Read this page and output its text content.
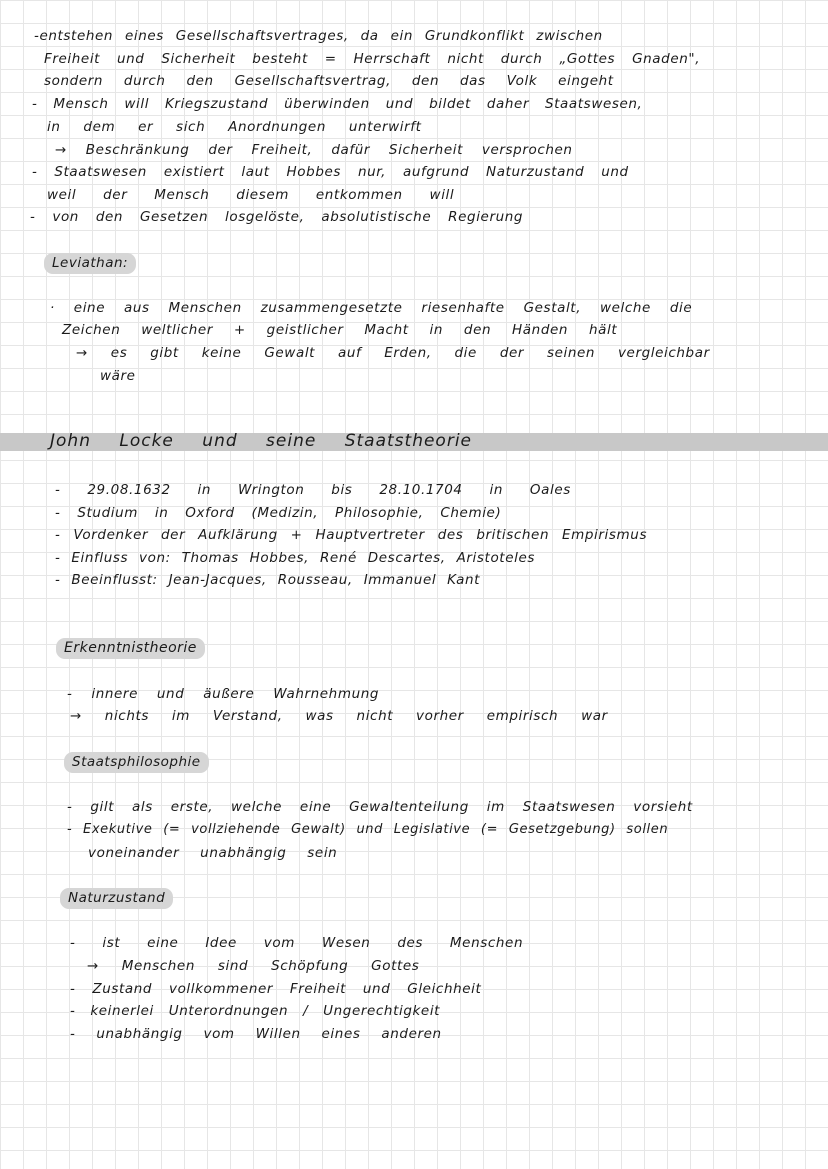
-entstehen eines Gesellschaftsvertrages, da ein Grundkonflikt zwischen
Freiheit und Sicherheit besteht = Herrschaft nicht durch „Gottes Gnaden",
sondern durch den Gesellschaftsvertrag, den das Volk eingeht
- Mensch will Kriegszustand überwinden und bildet daher Staatswesen,
in dem er sich Anordnungen unterwirft
→ Beschränkung der Freiheit, dafür Sicherheit versprochen
- Staatswesen existiert laut Hobbes nur, aufgrund Naturzustand und
weil der Mensch diesem entkommen will
- von den Gesetzen losgelöste, absolutistische Regierung
Leviathan:
· eine aus Menschen zusammengesetzte riesenhafte Gestalt, welche die
Zeichen weltlicher + geistlicher Macht in den Händen hält
→ es gibt keine Gewalt auf Erden, die der seinen vergleichbar
wäre
John Locke und seine Staatstheorie
- 29.08.1632 in Wrington bis 28.10.1704 in Oales
- Studium in Oxford (Medizin, Philosophie, Chemie)
- Vordenker der Aufklärung + Hauptvertreter des britischen Empirismus
- Einfluss von: Thomas Hobbes, René Descartes, Aristoteles
- Beeinflusst: Jean-Jacques, Rousseau, Immanuel Kant
Erkenntnistheorie
- innere und äußere Wahrnehmung
→ nichts im Verstand, was nicht vorher empirisch war
Staatsphilosophie
- gilt als erste, welche eine Gewaltenteilung im Staatswesen vorsieht
- Exekutive (= vollziehende Gewalt) und Legislative (= Gesetzgebung) sollen
voneinander unabhängig sein
Naturzustand
- ist eine Idee vom Wesen des Menschen
→ Menschen sind Schöpfung Gottes
- Zustand vollkommener Freiheit und Gleichheit
- keinerlei Unterordnungen / Ungerechtigkeit
- unabhängig vom Willen eines anderen
